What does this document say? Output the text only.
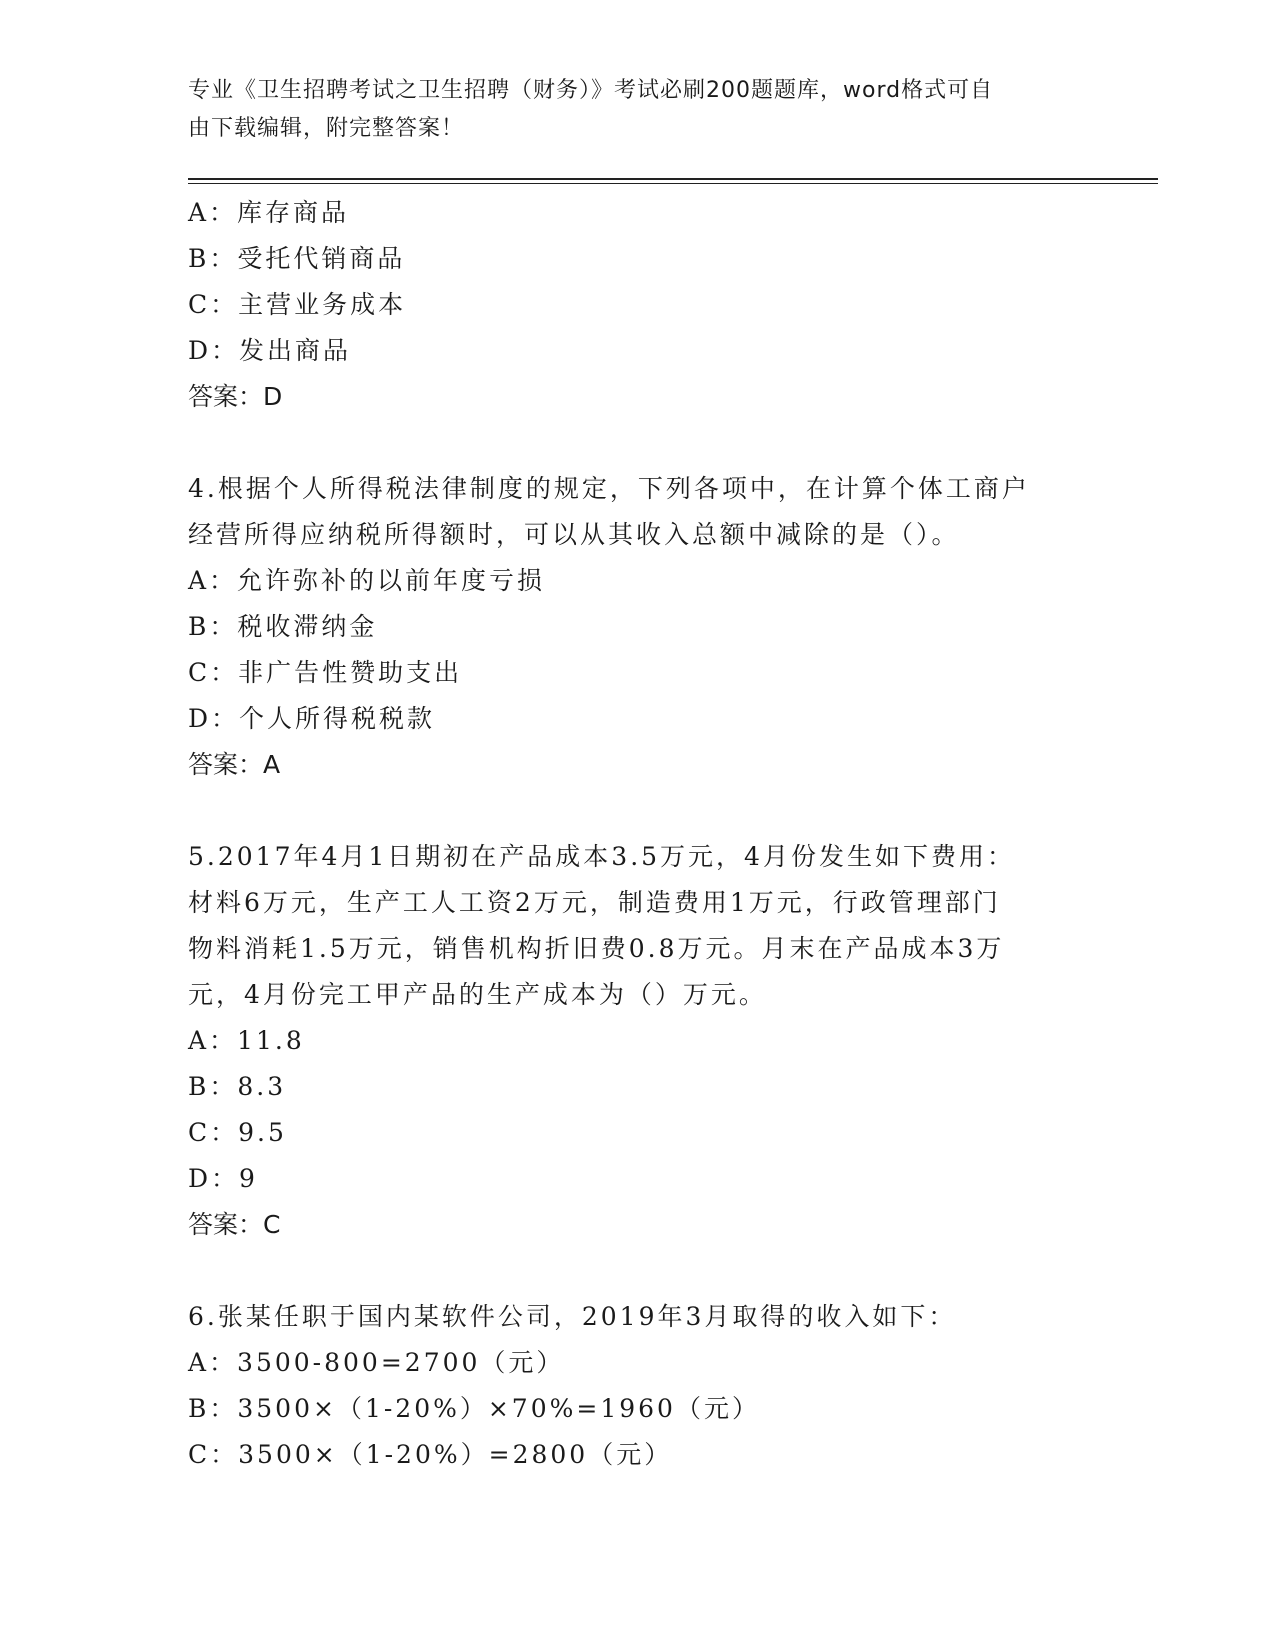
专业《卫生招聘考试之卫生招聘（财务）》考试必刷200题题库，word格式可自
由下载编辑，附完整答案！
A：库存商品
B：受托代销商品
C：主营业务成本
D：发出商品
答案：D
4.根据个人所得税法律制度的规定，下列各项中，在计算个体工商户
经营所得应纳税所得额时，可以从其收入总额中减除的是（）。
A：允许弥补的以前年度亏损
B：税收滞纳金
C：非广告性赞助支出
D：个人所得税税款
答案：A
5.2017年4月1日期初在产品成本3.5万元，4月份发生如下费用：
材料6万元，生产工人工资2万元，制造费用1万元，行政管理部门
物料消耗1.5万元，销售机构折旧费0.8万元。月末在产品成本3万
元，4月份完工甲产品的生产成本为（）万元。
A：11.8
B：8.3
C：9.5
D：9
答案：C
6.张某任职于国内某软件公司，2019年3月取得的收入如下：
A：3500-800=2700（元）
B：3500×（1-20%）×70%=1960（元）
C：3500×（1-20%）=2800（元）
